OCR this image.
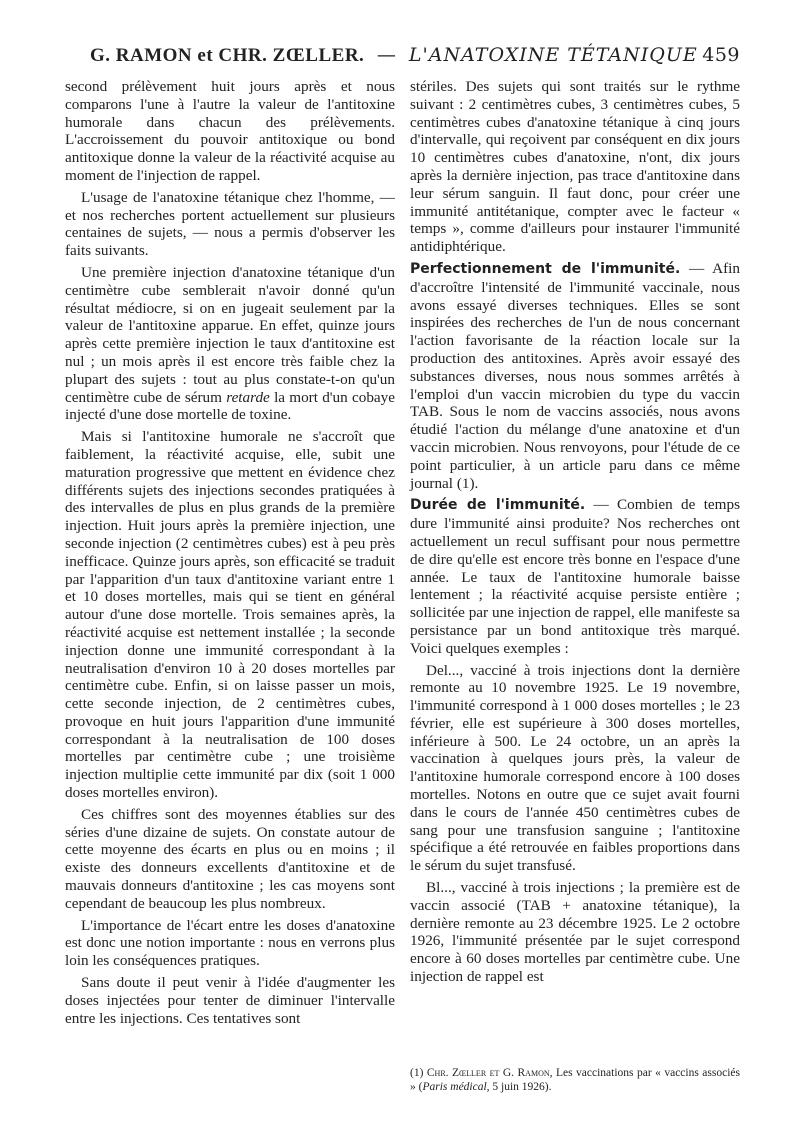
G. RAMON et CHR. ZŒLLER. — L'ANATOXINE TÉTANIQUE 459

second prélèvement huit jours après et nous comparons l'une à l'autre la valeur de l'antitoxine humorale dans chacun des prélèvements. L'accroissement du pouvoir antitoxique ou bond antitoxique donne la valeur de la réactivité acquise au moment de l'injection de rappel.

L'usage de l'anatoxine tétanique chez l'homme, — et nos recherches portent actuellement sur plusieurs centaines de sujets, — nous a permis d'observer les faits suivants.

Une première injection d'anatoxine tétanique d'un centimètre cube semblerait n'avoir donné qu'un résultat médiocre, si on en jugeait seulement par la valeur de l'antitoxine apparue. En effet, quinze jours après cette première injection le taux d'antitoxine est nul ; un mois après il est encore très faible chez la plupart des sujets : tout au plus constate-t-on qu'un centimètre cube de sérum retarde la mort d'un cobaye injecté d'une dose mortelle de toxine.

Mais si l'antitoxine humorale ne s'accroît que faiblement, la réactivité acquise, elle, subit une maturation progressive que mettent en évidence chez différents sujets des injections secondes pratiquées à des intervalles de plus en plus grands de la première injection. Huit jours après la première injection, une seconde injection (2 centimètres cubes) est à peu près inefficace. Quinze jours après, son efficacité se traduit par l'apparition d'un taux d'antitoxine variant entre 1 et 10 doses mortelles, mais qui se tient en général autour d'une dose mortelle. Trois semaines après, la réactivité acquise est nettement installée ; la seconde injection donne une immunité correspondant à la neutralisation d'environ 10 à 20 doses mortelles par centimètre cube. Enfin, si on laisse passer un mois, cette seconde injection, de 2 centimètres cubes, provoque en huit jours l'apparition d'une immunité correspondant à la neutralisation de 100 doses mortelles par centimètre cube ; une troisième injection multiplie cette immunité par dix (soit 1 000 doses mortelles environ).

Ces chiffres sont des moyennes établies sur des séries d'une dizaine de sujets. On constate autour de cette moyenne des écarts en plus ou en moins ; il existe des donneurs excellents d'antitoxine et de mauvais donneurs d'antitoxine ; les cas moyens sont cependant de beaucoup les plus nombreux.

L'importance de l'écart entre les doses d'anatoxine est donc une notion importante : nous en verrons plus loin les conséquences pratiques.

Sans doute il peut venir à l'idée d'augmenter les doses injectées pour tenter de diminuer l'intervalle entre les injections. Ces tentatives sont

stériles. Des sujets qui sont traités sur le rythme suivant : 2 centimètres cubes, 3 centimètres cubes, 5 centimètres cubes d'anatoxine tétanique à cinq jours d'intervalle, qui reçoivent par conséquent en dix jours 10 centimètres cubes d'anatoxine, n'ont, dix jours après la dernière injection, pas trace d'antitoxine dans leur sérum sanguin. Il faut donc, pour créer une immunité antitétanique, compter avec le facteur « temps », comme d'ailleurs pour instaurer l'immunité antidiphtérique.

Perfectionnement de l'immunité. — Afin d'accroître l'intensité de l'immunité vaccinale, nous avons essayé diverses techniques. Elles se sont inspirées des recherches de l'un de nous concernant l'action favorisante de la réaction locale sur la production des antitoxines. Après avoir essayé des substances diverses, nous nous sommes arrêtés à l'emploi d'un vaccin microbien du type du vaccin TAB. Sous le nom de vaccins associés, nous avons étudié l'action du mélange d'une anatoxine et d'un vaccin microbien. Nous renvoyons, pour l'étude de ce point particulier, à un article paru dans ce même journal (1).

Durée de l'immunité. — Combien de temps dure l'immunité ainsi produite? Nos recherches ont actuellement un recul suffisant pour nous permettre de dire qu'elle est encore très bonne en l'espace d'une année. Le taux de l'antitoxine humorale baisse lentement ; la réactivité acquise persiste entière ; sollicitée par une injection de rappel, elle manifeste sa persistance par un bond antitoxique très marqué. Voici quelques exemples :

Del..., vacciné à trois injections dont la dernière remonte au 10 novembre 1925. Le 19 novembre, l'immunité correspond à 1 000 doses mortelles ; le 23 février, elle est supérieure à 300 doses mortelles, inférieure à 500. Le 24 octobre, un an après la vaccination à quelques jours près, la valeur de l'antitoxine humorale correspond encore à 100 doses mortelles. Notons en outre que ce sujet avait fourni dans le cours de l'année 450 centimètres cubes de sang pour une transfusion sanguine ; l'antitoxine spécifique a été retrouvée en faibles proportions dans le sérum du sujet transfusé.

Bl..., vacciné à trois injections ; la première est de vaccin associé (TAB + anatoxine tétanique), la dernière remonte au 23 décembre 1925. Le 2 octobre 1926, l'immunité présentée par le sujet correspond encore à 60 doses mortelles par centimètre cube. Une injection de rappel est

(1) Chr. Zœller et G. Ramon, Les vaccinations par « vaccins associés » (Paris médical, 5 juin 1926).
